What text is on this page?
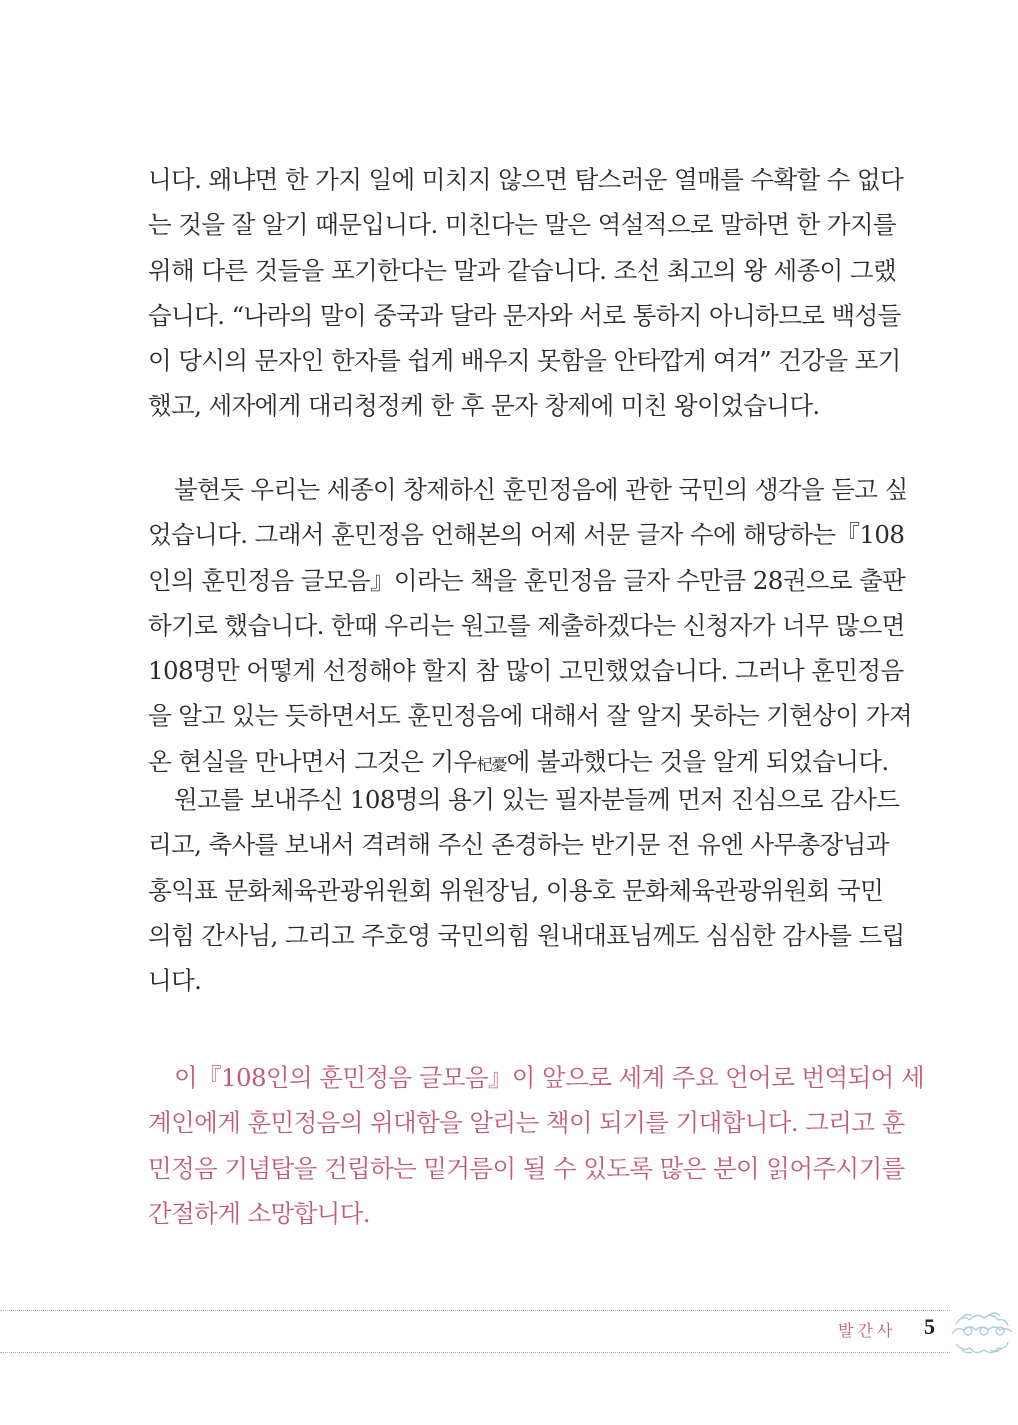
니다. 왜냐면 한 가지 일에 미치지 않으면 탐스러운 열매를 수확할 수 없다
는 것을 잘 알기 때문입니다. 미친다는 말은 역설적으로 말하면 한 가지를
위해 다른 것들을 포기한다는 말과 같습니다. 조선 최고의 왕 세종이 그랬
습니다. “나라의 말이 중국과 달라 문자와 서로 통하지 아니하므로 백성들
이 당시의 문자인 한자를 쉽게 배우지 못함을 안타깝게 여겨” 건강을 포기
했고, 세자에게 대리청정케 한 후 문자 창제에 미친 왕이었습니다.

불현듯 우리는 세종이 창제하신 훈민정음에 관한 국민의 생각을 듣고 싶
었습니다. 그래서 훈민정음 언해본의 어제 서문 글자 수에 해당하는『108
인의 훈민정음 글모음』이라는 책을 훈민정음 글자 수만큼 28권으로 출판
하기로 했습니다. 한때 우리는 원고를 제출하겠다는 신청자가 너무 많으면
108명만 어떻게 선정해야 할지 참 많이 고민했었습니다. 그러나 훈민정음
을 알고 있는 듯하면서도 훈민정음에 대해서 잘 알지 못하는 기현상이 가져
온 현실을 만나면서 그것은 기우杞憂에 불과했다는 것을 알게 되었습니다.

원고를 보내주신 108명의 용기 있는 필자분들께 먼저 진심으로 감사드
리고, 축사를 보내서 격려해 주신 존경하는 반기문 전 유엔 사무총장님과
홍익표 문화체육관광위원회 위원장님, 이용호 문화체육관광위원회 국민
의힘 간사님, 그리고 주호영 국민의힘 원내대표님께도 심심한 감사를 드립
니다.

이『108인의 훈민정음 글모음』이 앞으로 세계 주요 언어로 번역되어 세
계인에게 훈민정음의 위대함을 알리는 책이 되기를 기대합니다. 그리고 훈
민정음 기념탑을 건립하는 밑거름이 될 수 있도록 많은 분이 읽어주시기를
간절하게 소망합니다.

발간사 5
